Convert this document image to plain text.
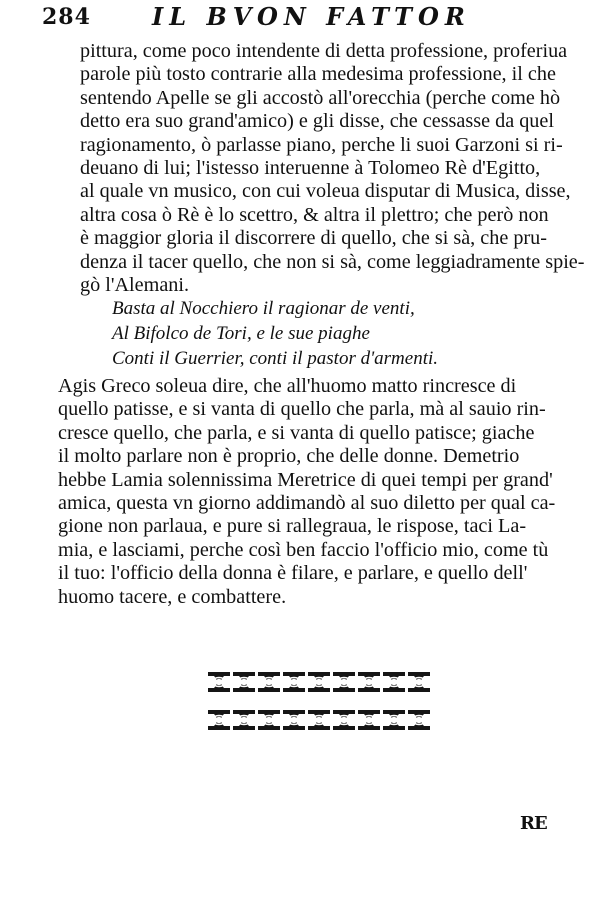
284	IL BVON FATTOR
pittura, come poco intendente di detta professione, proferiua
parole più tosto contrarie alla medesima professione, il che
sentendo Apelle se gli accostò all'orecchia (perche come hò
detto era suo grand'amico) e gli disse, che cessasse da quel
ragionamento, ò parlasse piano, perche li suoi Garzoni si ri-
deuano di lui; l'istesso interuenne à Tolomeo Rè d'Egitto,
al quale vn musico, con cui voleua disputar di Musica, disse,
altra cosa ò Rè è lo scettro, & altra il plettro; che però non
è maggior gloria il discorrere di quello, che si sà, che pru-
denza il tacer quello, che non si sà, come leggiadramente spie-
gò l'Alemani.
Basta al Nocchiero il ragionar de venti,
Al Bifolco de Tori, e le sue piaghe
Conti il Guerrier, conti il pastor d'armenti.
Agis Greco soleua dire, che all'huomo matto rincresce di
quello patisse, e si vanta di quello che parla, mà al sauio rin-
cresce quello, che parla, e si vanta di quello patisce; giache
il molto parlare non è proprio, che delle donne. Demetrio
hebbe Lamia solennissima Meretrice di quei tempi per grand'
amica, questa vn giorno addimandò al suo diletto per qual ca-
gione non parlaua, e pure si rallegraua, le rispose, taci La-
mia, e lasciami, perche così ben faccio l'officio mio, come tù
il tuo: l'officio della donna è filare, e parlare, e quello dell'
huomo tacere, e combattere.
RE
